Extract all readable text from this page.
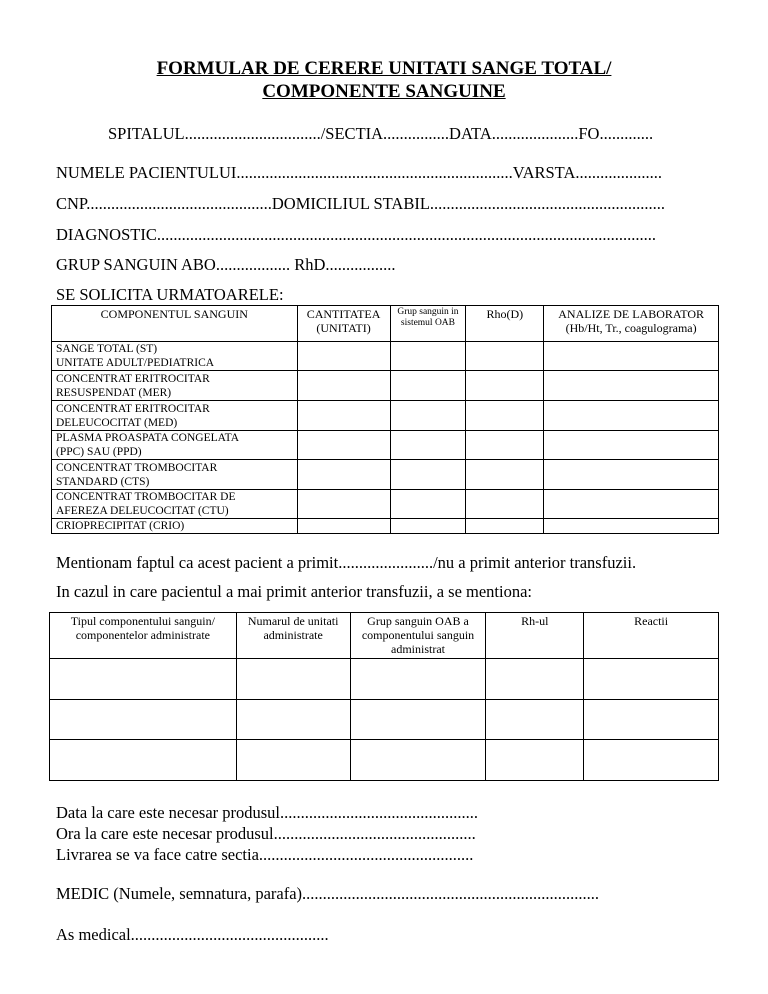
FORMULAR DE CERERE UNITATI SANGE TOTAL/
COMPONENTE SANGUINE
SPITALUL................................./SECTIA................DATA.....................FO.............
NUMELE PACIENTULUI...................................................................VARSTA.....................
CNP.............................................DOMICILIUL STABIL.........................................................
DIAGNOSTIC.........................................................................................................................
GRUP SANGUIN ABO.................. RhD.................
SE SOLICITA URMATOARELE:
COMPONENTUL SANGUIN	CANTITATEA (UNITATI)	Grup sanguin in sistemul OAB	Rho(D)	ANALIZE DE LABORATOR (Hb/Ht, Tr., coagulograma)

SANGE TOTAL (ST)
UNITATE ADULT/PEDIATRICA				

CONCENTRAT ERITROCITAR
RESUSPENDAT (MER)				

CONCENTRAT ERITROCITAR
DELEUCOCITAT (MED)				

PLASMA PROASPATA CONGELATA
(PPC) SAU (PPD)				

CONCENTRAT TROMBOCITAR
STANDARD (CTS)				

CONCENTRAT TROMBOCITAR DE
AFEREZA DELEUCOCITAT (CTU)				

CRIOPRECIPITAT (CRIO)				

Mentionam faptul ca acest pacient a primit......................./nu a primit anterior transfuzii.
In cazul in care pacientul a mai primit anterior transfuzii, a se mentiona:
Tipul componentului sanguin/ componentelor administrate	Numarul de unitati administrate	Grup sanguin OAB a componentului sanguin administrat	Rh-ul	Reactii

Data la care este necesar produsul................................................
Ora la care este necesar produsul.................................................
Livrarea se va face catre sectia....................................................
MEDIC (Numele, semnatura, parafa)........................................................................
As medical................................................
